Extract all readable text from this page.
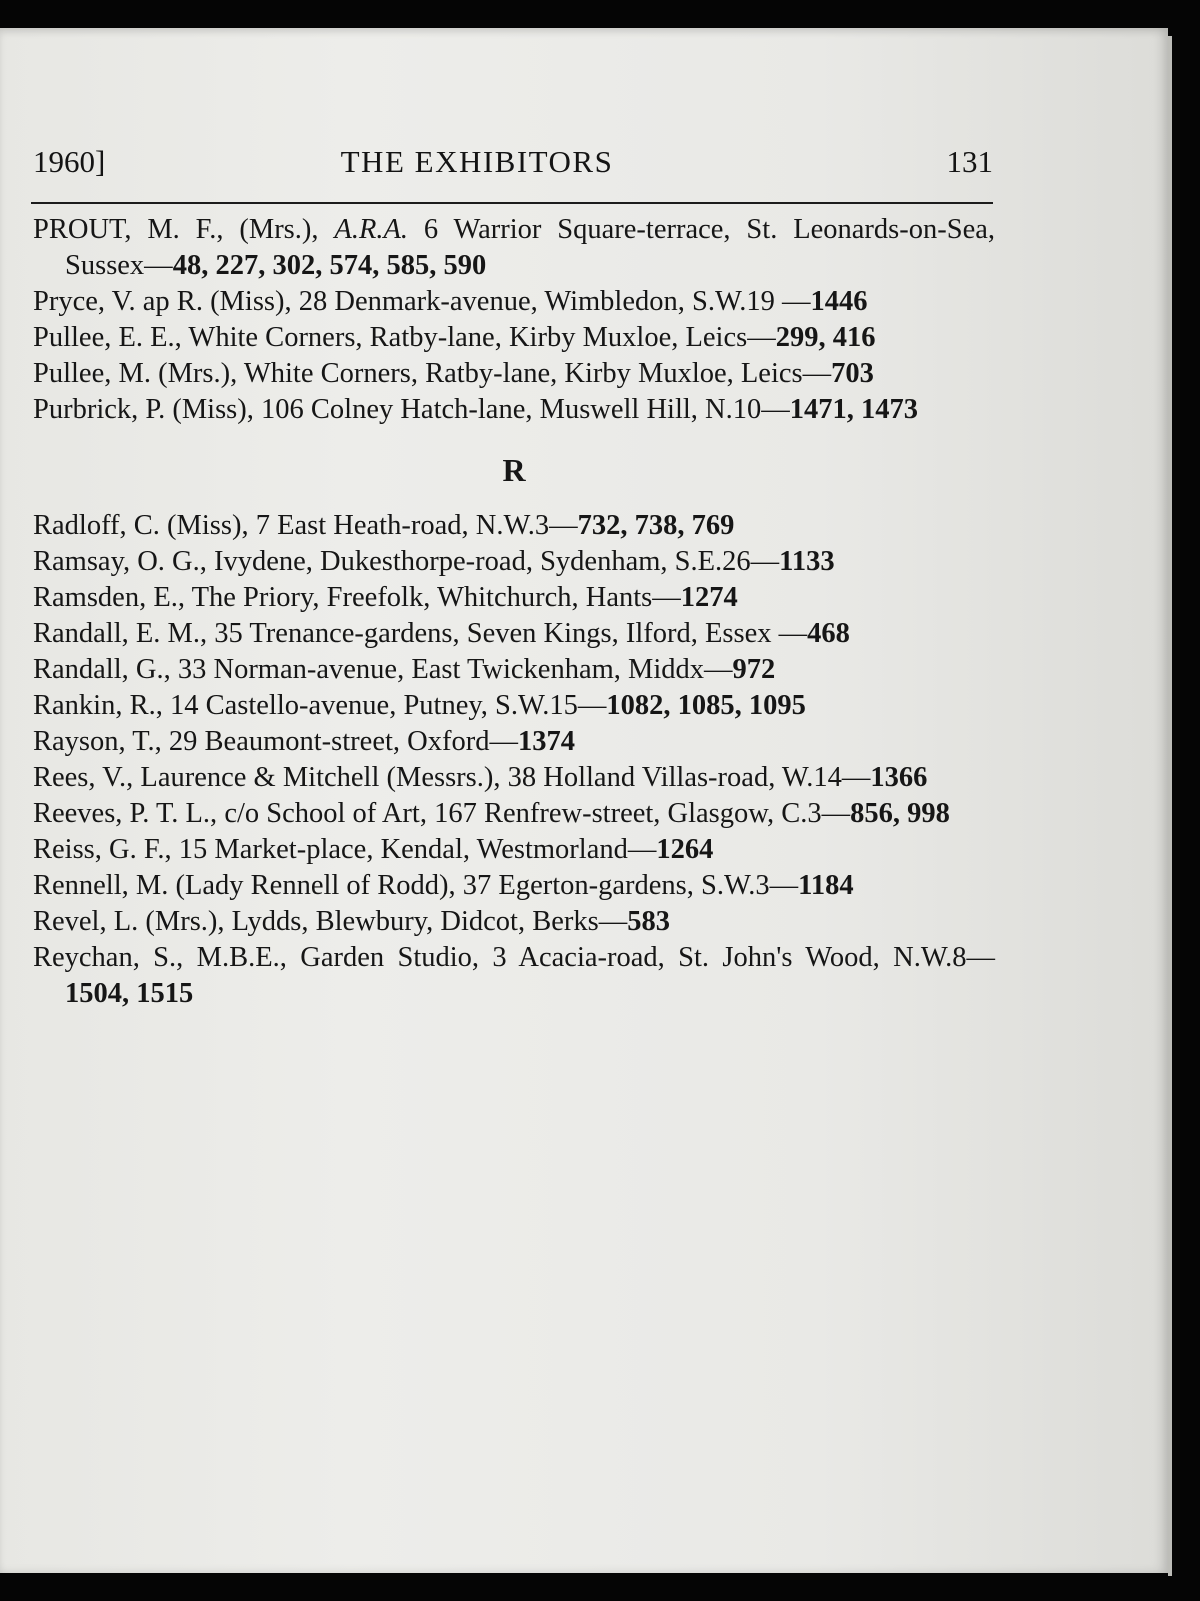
1960]	THE EXHIBITORS	131

PROUT, M. F., (Mrs.), A.R.A. 6 Warrior Square-terrace, St. Leonards-on-Sea, Sussex—48, 227, 302, 574, 585, 590

Pryce, V. ap R. (Miss), 28 Denmark-avenue, Wimbledon, S.W.19 —1446

Pullee, E. E., White Corners, Ratby-lane, Kirby Muxloe, Leics—299, 416

Pullee, M. (Mrs.), White Corners, Ratby-lane, Kirby Muxloe, Leics—703

Purbrick, P. (Miss), 106 Colney Hatch-lane, Muswell Hill, N.10—1471, 1473

R

Radloff, C. (Miss), 7 East Heath-road, N.W.3—732, 738, 769

Ramsay, O. G., Ivydene, Dukesthorpe-road, Sydenham, S.E.26—1133

Ramsden, E., The Priory, Freefolk, Whitchurch, Hants—1274

Randall, E. M., 35 Trenance-gardens, Seven Kings, Ilford, Essex —468

Randall, G., 33 Norman-avenue, East Twickenham, Middx—972

Rankin, R., 14 Castello-avenue, Putney, S.W.15—1082, 1085, 1095

Rayson, T., 29 Beaumont-street, Oxford—1374

Rees, V., Laurence & Mitchell (Messrs.), 38 Holland Villas-road, W.14—1366

Reeves, P. T. L., c/o School of Art, 167 Renfrew-street, Glasgow, C.3—856, 998

Reiss, G. F., 15 Market-place, Kendal, Westmorland—1264

Rennell, M. (Lady Rennell of Rodd), 37 Egerton-gardens, S.W.3—1184

Revel, L. (Mrs.), Lydds, Blewbury, Didcot, Berks—583

Reychan, S., M.B.E., Garden Studio, 3 Acacia-road, St. John's Wood, N.W.8—1504, 1515
